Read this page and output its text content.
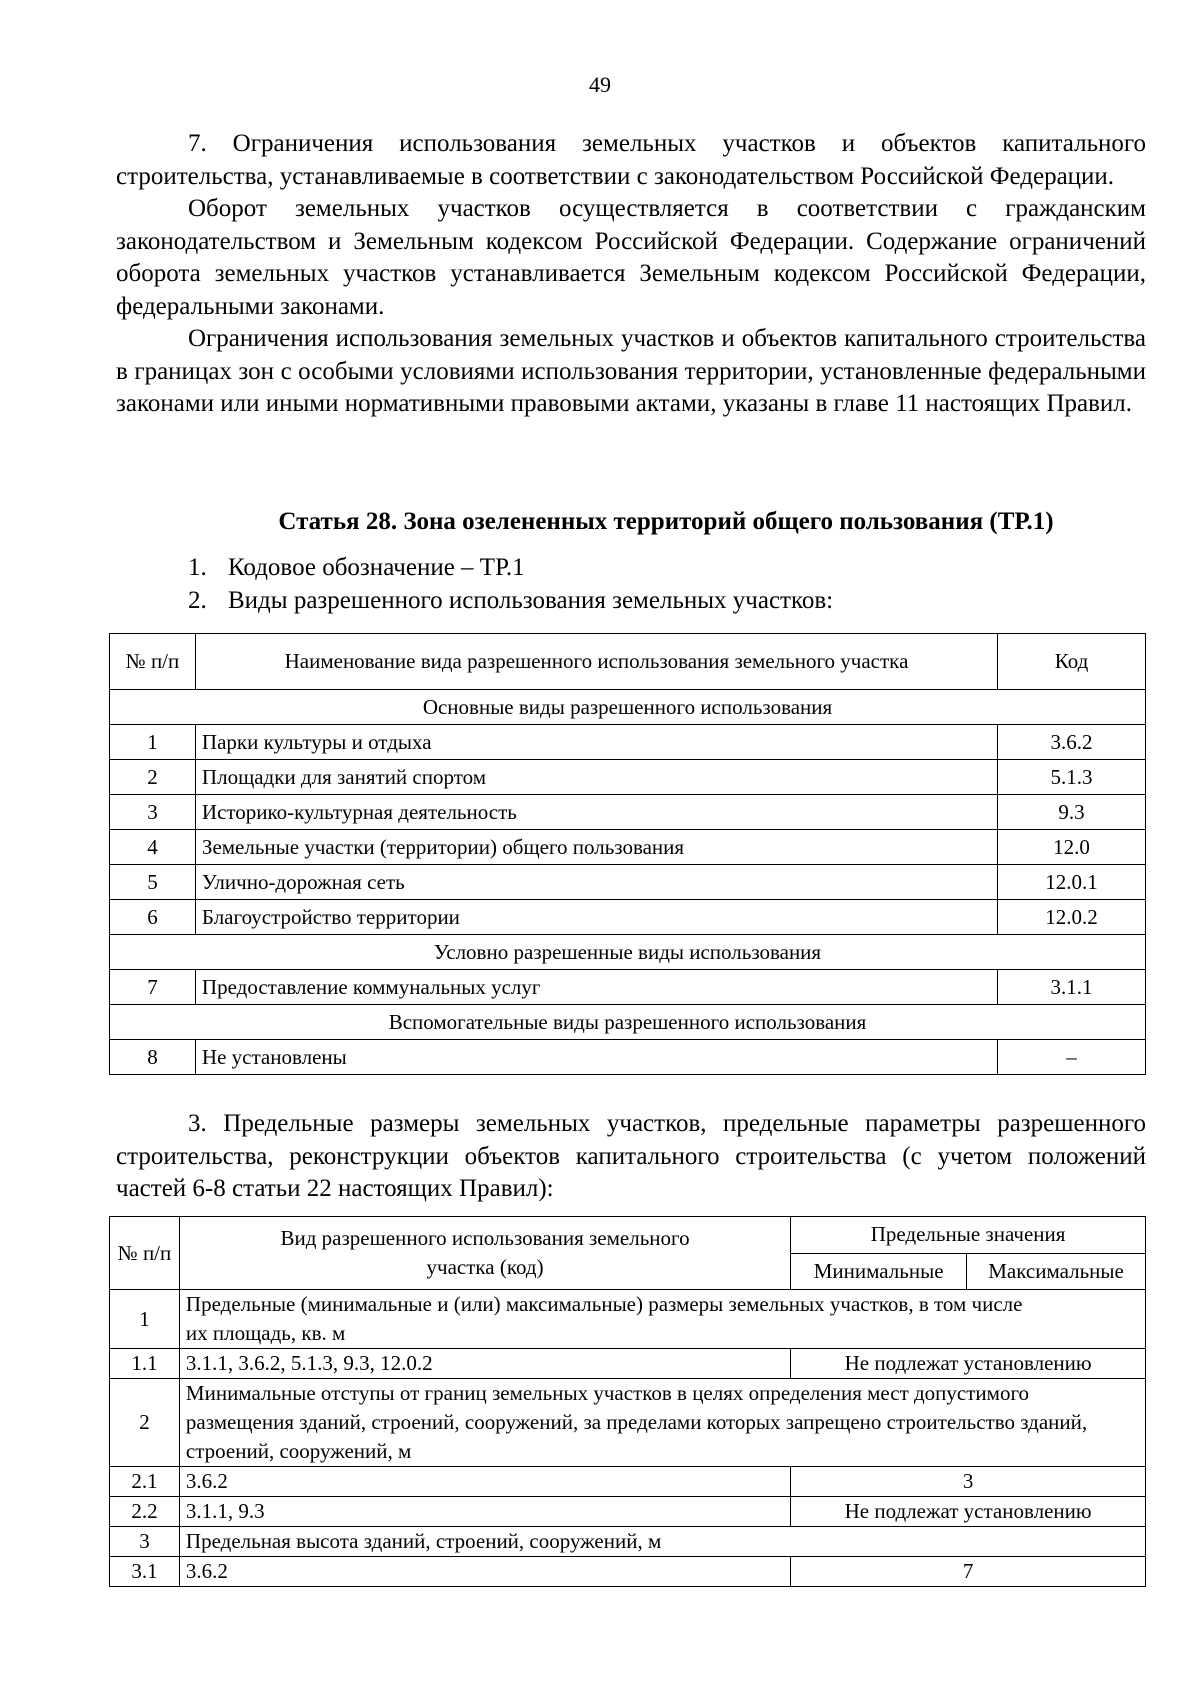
49

7. Ограничения использования земельных участков и объектов капитального строительства, устанавливаемые в соответствии с законодательством Российской Федерации.

Оборот земельных участков осуществляется в соответствии с гражданским законодательством и Земельным кодексом Российской Федерации. Содержание ограничений оборота земельных участков устанавливается Земельным кодексом Российской Федерации, федеральными законами.

Ограничения использования земельных участков и объектов капитального строительства в границах зон с особыми условиями использования территории, установленные федеральными законами или иными нормативными правовыми актами, указаны в главе 11 настоящих Правил.

Статья 28. Зона озелененных территорий общего пользования (ТР.1)
1. Кодовое обозначение – ТР.1
2. Виды разрешенного использования земельных участков:
№ п/п	Наименование вида разрешенного использования земельного участка	Код
Основные виды разрешенного использования		
1	Парки культуры и отдыха	3.6.2
2	Площадки для занятий спортом	5.1.3
3	Историко-культурная деятельность	9.3
4	Земельные участки (территории) общего пользования	12.0
5	Улично-дорожная сеть	12.0.1
6	Благоустройство территории	12.0.2
Условно разрешенные виды использования		
7	Предоставление коммунальных услуг	3.1.1
Вспомогательные виды разрешенного использования		
8	Не установлены	–

3. Предельные размеры земельных участков, предельные параметры разрешенного строительства, реконструкции объектов капитального строительства (с учетом положений частей 6-8 статьи 22 настоящих Правил):

№ п/п	Вид разрешенного использования земельного участка (код)	Предельные значения	
		Минимальные	Максимальные
1	Предельные (минимальные и (или) максимальные) размеры земельных участков, в том числе их площадь, кв. м		
1.1	3.1.1, 3.6.2, 5.1.3, 9.3, 12.0.2	Не подлежат установлению	
2	Минимальные отступы от границ земельных участков в целях определения мест допустимого размещения зданий, строений, сооружений, за пределами которых запрещено строительство зданий, строений, сооружений, м		
2.1	3.6.2	3	
2.2	3.1.1, 9.3	Не подлежат установлению	
3	Предельная высота зданий, строений, сооружений, м		
3.1	3.6.2	7	
